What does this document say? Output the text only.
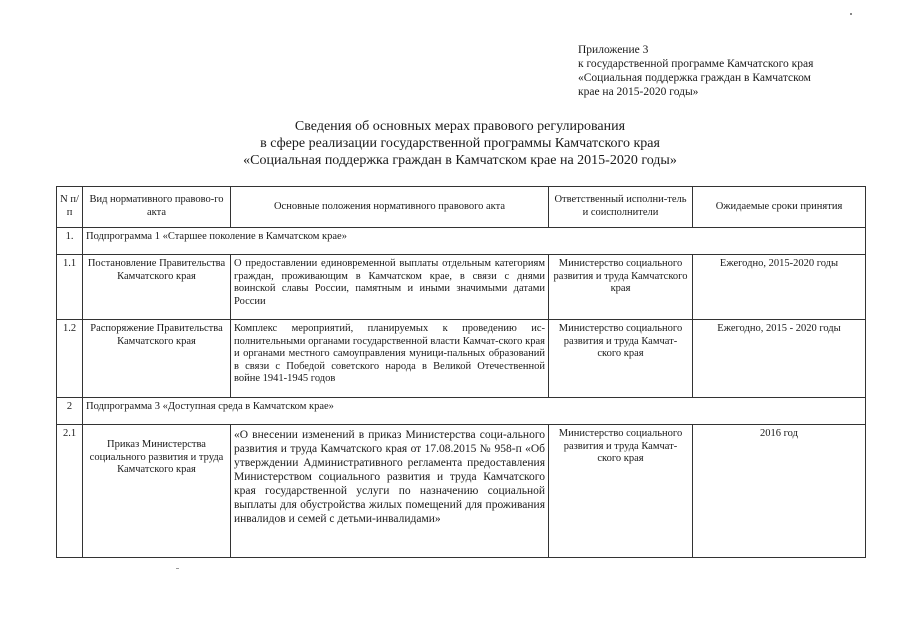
Приложение 3
к государственной программе Камчатского края
«Социальная поддержка граждан в Камчатском
крае на 2015-2020 годы»
Сведения об основных мерах правового регулирования
в сфере реализации государственной программы Камчатского края
«Социальная поддержка граждан в Камчатском крае на 2015-2020 годы»
N п/п	Вид нормативного правово-го акта	Основные положения нормативного правового акта	Ответственный исполни-тель и соисполнители	Ожидаемые сроки принятия
1.	Подпрограмма 1 «Старшее поколение в Камчатском крае»			
1.1	Постановление Правительства Камчатского края	О предоставлении единовременной выплаты отдельным категориям граждан, проживающим в Камчатском крае, в связи с днями воинской славы России, памятным и иными значимыми датами России	Министерство социального развития и труда Камчатского края	Ежегодно, 2015-2020 годы
1.2	Распоряжение Правительства Камчатского края	Комплекс мероприятий, планируемых к проведению ис-полнительными органами государственной власти Камчат-ского края и органами местного самоуправления муници-пальных образований в связи с Победой советского народа в Великой Отечественной войне 1941-1945 годов	Министерство социального развития и труда Камчат-ского края	Ежегодно, 2015 - 2020 годы
2	Подпрограмма 3 «Доступная среда в Камчатском крае»			
2.1	Приказ Министерства социального развития и труда Камчатского края	«О внесении изменений в приказ Министерства соци-ального развития и труда Камчатского края от 17.08.2015 № 958-п «Об утверждении Административного регламента предоставления Министерством социального развития и труда Камчатского края государственной услуги по назначению социальной выплаты для обустройства жилых помещений для проживания инвалидов и семей с детьми-инвалидами»	Министерство социального развития и труда Камчат-ского края	2016 год
